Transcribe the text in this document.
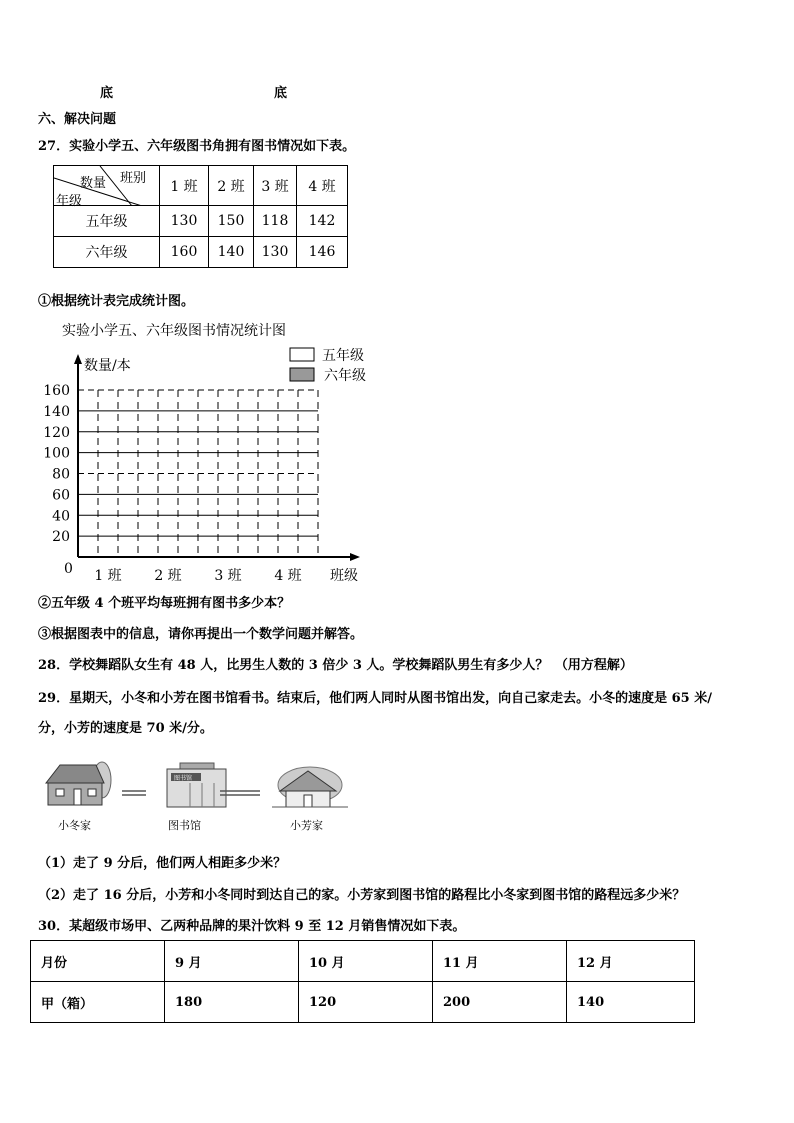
底	底
六、解决问题
27．实验小学五、六年级图书角拥有图书情况如下表。
班别
数量
年级	1 班	2 班	3 班	4 班
五年级	130	150	118	142
六年级	160	140	130	146
①根据统计表完成统计图。
实验小学五、六年级图书情况统计图
数量/本
0	班级
五年级
六年级
20
40
60
80
100
120
140
160
1 班 2 班 3 班 4 班
②五年级 4 个班平均每班拥有图书多少本？
③根据图表中的信息，请你再提出一个数学问题并解答。
28．学校舞蹈队女生有 48 人，比男生人数的 3 倍少 3 人。学校舞蹈队男生有多少人？　（用方程解）
29．星期天，小冬和小芳在图书馆看书。结束后，他们两人同时从图书馆出发，向自己家走去。小冬的速度是 65 米/
分，小芳的速度是 70 米/分。
图书馆
小冬家	图书馆	小芳家
（1）走了 9 分后，他们两人相距多少米？
（2）走了 16 分后，小芳和小冬同时到达自己的家。小芳家到图书馆的路程比小冬家到图书馆的路程远多少米？
30．某超级市场甲、乙两种品牌的果汁饮料 9 至 12 月销售情况如下表。
月份	9 月	10 月	11 月	12 月
甲（箱）	180	120	200	140
